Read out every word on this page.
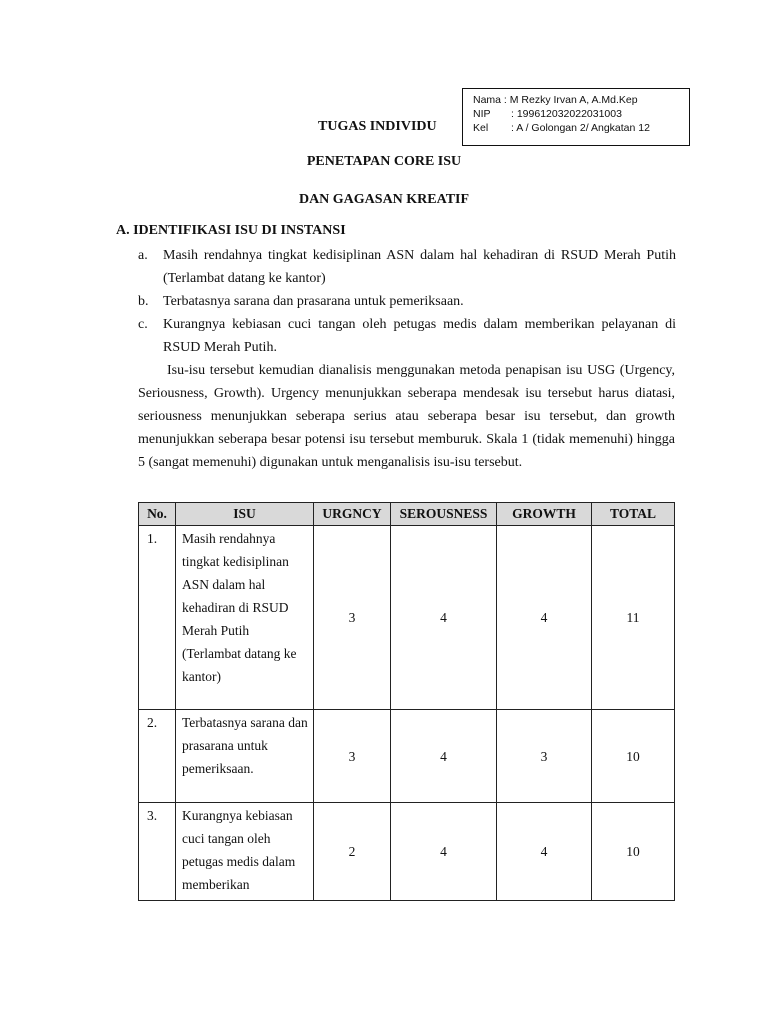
Nama :
M Rezky Irvan A, A.Md.Kep
NIP	: 199612032022031003
Kel	: A / Golongan 2/ Angkatan 12
TUGAS INDIVIDU
PENETAPAN CORE ISU
DAN GAGASAN KREATIF
A. IDENTIFIKASI ISU DI INSTANSI
a.	Masih rendahnya tingkat kedisiplinan ASN dalam hal kehadiran di RSUD Merah Putih (Terlambat datang ke kantor)
b.	Terbatasnya sarana dan prasarana untuk pemeriksaan.
c.	Kurangnya kebiasan cuci tangan oleh petugas medis dalam memberikan pelayanan di RSUD Merah Putih.
Isu-isu tersebut kemudian dianalisis menggunakan metoda penapisan isu USG (Urgency, Seriousness, Growth). Urgency menunjukkan seberapa mendesak isu tersebut harus diatasi, seriousness menunjukkan seberapa serius atau seberapa besar isu tersebut, dan growth menunjukkan seberapa besar potensi isu tersebut memburuk. Skala 1 (tidak memenuhi) hingga 5 (sangat memenuhi) digunakan untuk menganalisis isu-isu tersebut.
No.	ISU	URGNCY	SEROUSNESS	GROWTH	TOTAL
1.	Masih rendahnya tingkat kedisiplinan ASN dalam hal kehadiran di RSUD Merah Putih (Terlambat datang ke kantor)	3	4	4	11
2.	Terbatasnya sarana dan prasarana untuk pemeriksaan.	3	4	3	10
3.	Kurangnya kebiasan cuci tangan oleh petugas medis dalam memberikan	2	4	4	10
